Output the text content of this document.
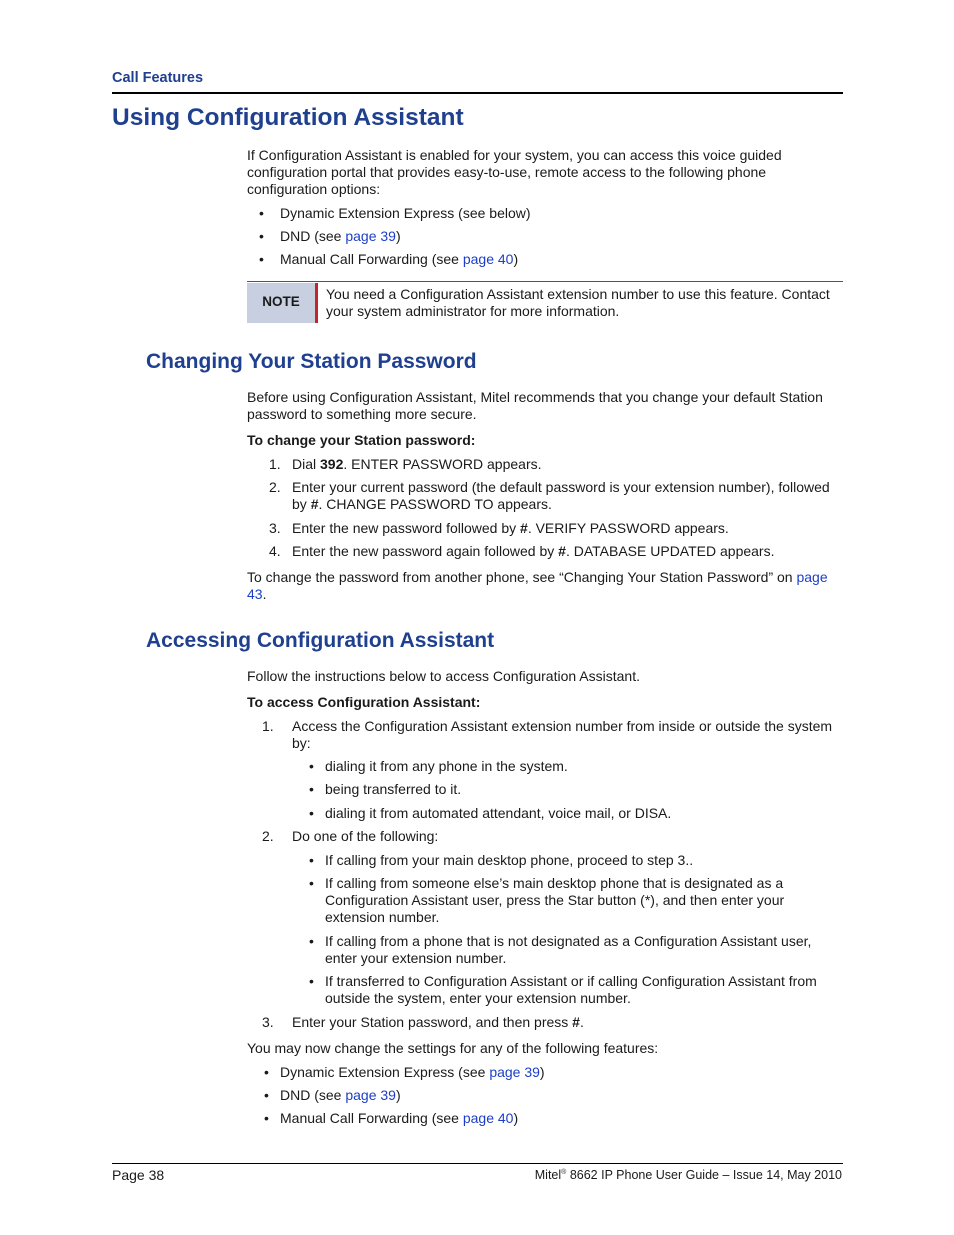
Call Features
Using Configuration Assistant
If Configuration Assistant is enabled for your system, you can access this voice guided configuration portal that provides easy-to-use, remote access to the following phone configuration options:
• Dynamic Extension Express (see below)
• DND (see page 39)
• Manual Call Forwarding (see page 40)
NOTE	You need a Configuration Assistant extension number to use this feature. Contact your system administrator for more information.
Changing Your Station Password
Before using Configuration Assistant, Mitel recommends that you change your default Station password to something more secure.
To change your Station password:
1. Dial 392. ENTER PASSWORD appears.
2. Enter your current password (the default password is your extension number), followed by #. CHANGE PASSWORD TO appears.
3. Enter the new password followed by #. VERIFY PASSWORD appears.
4. Enter the new password again followed by #. DATABASE UPDATED appears.
To change the password from another phone, see “Changing Your Station Password” on page 43.
Accessing Configuration Assistant
Follow the instructions below to access Configuration Assistant.
To access Configuration Assistant:
1. Access the Configuration Assistant extension number from inside or outside the system by:
• dialing it from any phone in the system.
• being transferred to it.
• dialing it from automated attendant, voice mail, or DISA.
2. Do one of the following:
• If calling from your main desktop phone, proceed to step 3..
• If calling from someone else’s main desktop phone that is designated as a Configuration Assistant user, press the Star button (*), and then enter your extension number.
• If calling from a phone that is not designated as a Configuration Assistant user, enter your extension number.
• If transferred to Configuration Assistant or if calling Configuration Assistant from outside the system, enter your extension number.
3. Enter your Station password, and then press #.
You may now change the settings for any of the following features:
• Dynamic Extension Express (see page 39)
• DND (see page 39)
• Manual Call Forwarding (see page 40)
Page 38	Mitel® 8662 IP Phone User Guide – Issue 14, May 2010
